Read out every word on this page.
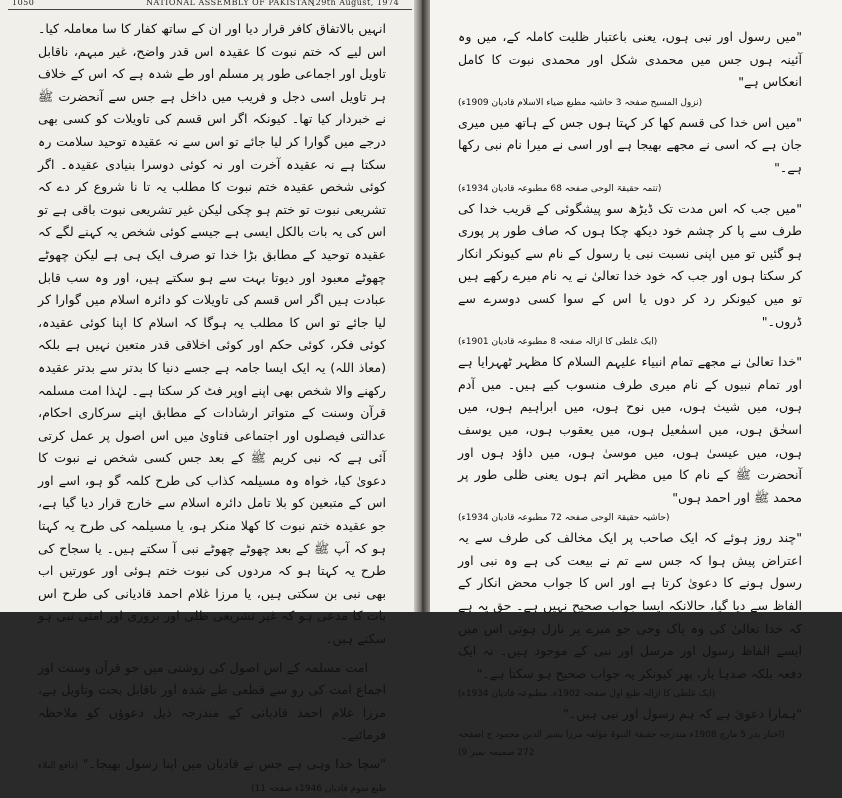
1050	NATIONAL ASSEMBLY OF PAKISTAN
[29th August, 1974

انہیں بالاتفاق کافر قرار دیا اور ان کے ساتھ کفار کا سا معاملہ کیا۔ اس لیے کہ ختم نبوت کا عقیدہ اس قدر واضح، غیر مبہم، ناقابل تاویل اور اجماعی طور پر مسلم اور طے شدہ ہے کہ اس کے خلاف ہر تاویل اسی دجل و فریب میں داخل ہے جس سے آنحضرت ﷺ نے خبردار کیا تھا۔ کیونکہ اگر اس قسم کی تاویلات کو کسی بھی درجے میں گوارا کر لیا جائے تو اس سے نہ عقیدہ توحید سلامت رہ سکتا ہے نہ عقیدہ آخرت اور نہ کوئی دوسرا بنیادی عقیدہ۔ اگر کوئی شخص عقیدہ ختم نبوت کا مطلب یہ تا نا شروع کر دے کہ تشریعی نبوت تو ختم ہو چکی لیکن غیر تشریعی نبوت باقی ہے تو اس کی یہ بات بالکل ایسی ہے جیسے کوئی شخص یہ کہنے لگے کہ عقیدہ توحید کے مطابق بڑا خدا تو صرف ایک ہی ہے لیکن چھوٹے چھوٹے معبود اور دیوتا بہت سے ہو سکتے ہیں، اور وہ سب قابل عبادت ہیں اگر اس قسم کی تاویلات کو دائرہ اسلام میں گوارا کر لیا جائے تو اس کا مطلب یہ ہوگا کہ اسلام کا اپنا کوئی عقیدہ، کوئی فکر، کوئی حکم اور کوئی اخلاقی قدر متعین نہیں ہے بلکہ (معاذ اللہ) یہ ایک ایسا جامہ ہے جسے دنیا کا بدتر سے بدتر عقیدہ رکھنے والا شخص بھی اپنے اوپر فٹ کر سکتا ہے۔ لہٰذا امت مسلمہ قرآن وسنت کے متواتر ارشادات کے مطابق اپنے سرکاری احکام، عدالتی فیصلوں اور اجتماعی فتاویٰ میں اس اصول پر عمل کرتی آئی ہے کہ نبی کریم ﷺ کے بعد جس کسی شخص نے نبوت کا دعویٰ کیا، خواہ وہ مسیلمہ کذاب کی طرح کلمہ گو ہو، اسے اور اس کے متبعین کو بلا تامل دائرہ اسلام سے خارج قرار دیا گیا ہے، جو عقیدہ ختم نبوت کا کھلا منکر ہو، یا مسیلمہ کی طرح یہ کہتا ہو کہ آپ ﷺ کے بعد چھوٹے چھوٹے نبی آ سکتے ہیں۔ یا سجاح کی طرح یہ کہتا ہو کہ مردوں کی نبوت ختم ہوئی اور عورتیں اب بھی نبی بن سکتی ہیں، یا مرزا غلام احمد قادیانی کی طرح اس بات کا مدعی ہو کہ غیر تشریعی ظلی اور بروزی اور امتی نبی ہو سکتے ہیں۔

امت مسلمہ کے اس اصول کی روشنی میں جو قرآن وسنت اور اجماع امت کی رو سے قطعی طے شدہ اور ناقابل بحث وتاویل ہے، مرزا غلام احمد قادیانی کے مندرجہ ذیل دعوؤں کو ملاحظہ فرمائیے۔

"سچا خدا وہی ہے جس نے قادیان میں اپنا رسول بھیجا۔" (دافع البلاء طبع سوم قادیان 1946ء صفحہ 11)

"میں رسول اور نبی ہوں، یعنی باعتبار ظلیت کاملہ کے، میں وہ آئینہ ہوں جس میں محمدی شکل اور محمدی نبوت کا کامل انعکاس ہے"

(نزول المسیح صفحہ 3 حاشیہ مطبع ضیاء الاسلام قادیان 1909ء)

"میں اس خدا کی قسم کھا کر کہتا ہوں جس کے ہاتھ میں میری جان ہے کہ اسی نے مجھے بھیجا ہے اور اسی نے میرا نام نبی رکھا ہے۔"

(تتمہ حقیقۃ الوحی صفحہ 68 مطبوعہ قادیان 1934ء)

"میں جب کہ اس مدت تک ڈیڑھ سو پیشگوئی کے قریب خدا کی طرف سے پا کر چشم خود دیکھ چکا ہوں کہ صاف طور پر پوری ہو گئیں تو میں اپنی نسبت نبی یا رسول کے نام سے کیونکر انکار کر سکتا ہوں اور جب کہ خود خدا تعالیٰ نے یہ نام میرے رکھے ہیں تو میں کیونکر رد کر دوں یا اس کے سوا کسی دوسرے سے ڈروں۔"

(ایک غلطی کا ازالہ صفحہ 8 مطبوعہ قادیان 1901ء)

"خدا تعالیٰ نے مجھے تمام انبیاء علیہم السلام کا مظہر ٹھہرایا ہے اور تمام نبیوں کے نام میری طرف منسوب کیے ہیں۔ میں آدم ہوں، میں شیث ہوں، میں نوح ہوں، میں ابراہیم ہوں، میں اسحٰق ہوں، میں اسمٰعیل ہوں، میں یعقوب ہوں، میں یوسف ہوں، میں عیسیٰ ہوں، میں موسیٰ ہوں، میں داؤد ہوں اور آنحضرت ﷺ کے نام کا میں مظہر اتم ہوں یعنی ظلی طور پر محمد ﷺ اور احمد ہوں"

(حاشیہ حقیقۃ الوحی صفحہ 72 مطبوعہ قادیان 1934ء)

"چند روز ہوئے کہ ایک صاحب پر ایک مخالف کی طرف سے یہ اعتراض پیش ہوا کہ جس سے تم نے بیعت کی ہے وہ نبی اور رسول ہونے کا دعویٰ کرتا ہے اور اس کا جواب محض انکار کے الفاظ سے دیا گیا، حالانکہ ایسا جواب صحیح نہیں ہے۔ حق یہ ہے کہ خدا تعالیٰ کی وہ پاک وحی جو میرے پر نازل ہوتی اس میں ایسے الفاظ رسول اور مرسل اور نبی کے موجود ہیں۔ نہ ایک دفعہ بلکہ صدہا بار، پھر کیونکر یہ جواب صحیح ہو سکتا ہے۔"

(ایک غلطی کا ازالہ طبع اول صفحہ 1902ء، مطبوعہ قادیان 1934ء)

"ہمارا دعویٰ ہے کہ ہم رسول اور نبی ہیں۔"

(اخبار بدر 5 مارچ 1908ء مندرجہ حقیقۃ النبوۃ مؤلفہ مرزا بشیر الدین محمود ج اصفحہ 272 ضمیمہ نمبر 9)
